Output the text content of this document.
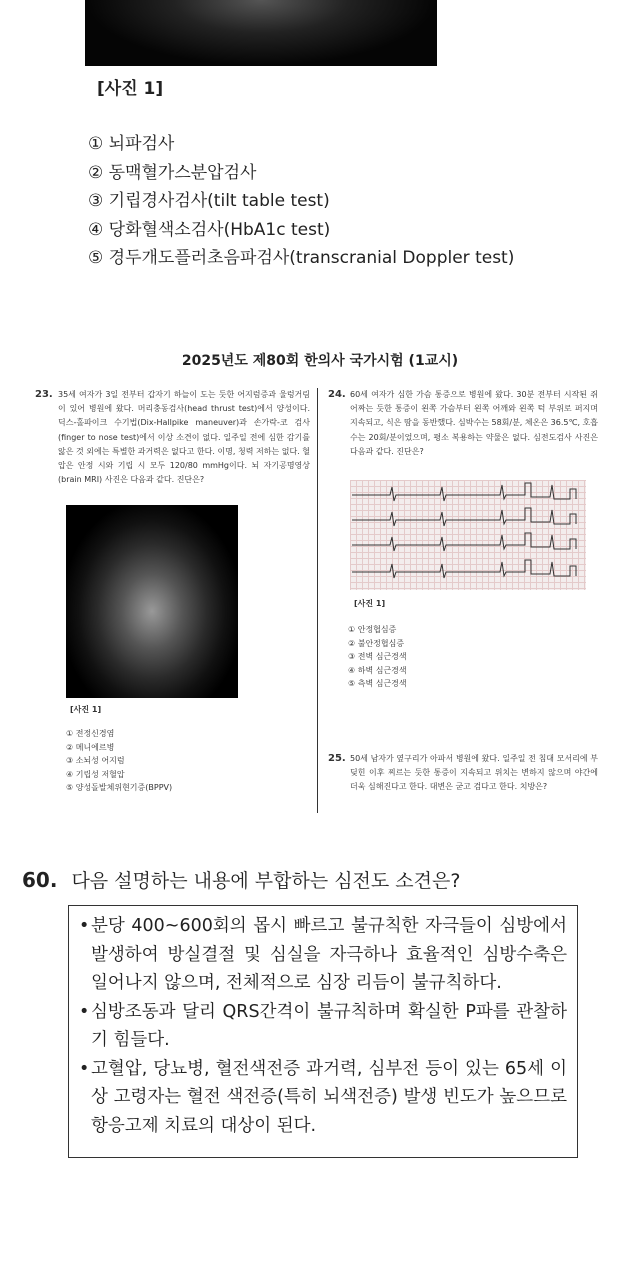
[사진 1]
① 뇌파검사
② 동맥혈가스분압검사
③ 기립경사검사(tilt table test)
④ 당화혈색소검사(HbA1c test)
⑤ 경두개도플러초음파검사(transcranial Doppler test)
2025년도 제80회 한의사 국가시험 (1교시)
23. 35세 여자가 3일 전부터 갑자기 하늘이 도는 듯한 어지럼증과 울렁거림이 있어 병원에 왔다. 머리충동검사(head thrust test)에서 양성이다. 딕스-홀파이크 수기법(Dix-Hallpike maneuver)과 손가락-코 검사(finger to nose test)에서 이상 소견이 없다. 일주일 전에 심한 감기를 앓은 것 외에는 특별한 과거력은 없다고 한다. 이명, 청력 저하는 없다. 혈압은 안정 시와 기립 시 모두 120/80 mmHg이다. 뇌 자기공명영상(brain MRI) 사진은 다음과 같다. 진단은?
[사진 1]
① 전정신경염
② 메니에르병
③ 소뇌성 어지럼
④ 기립성 저혈압
⑤ 양성돌발체위현기증(BPPV)
24. 60세 여자가 심한 가슴 통증으로 병원에 왔다. 30분 전부터 시작된 쥐어짜는 듯한 통증이 왼쪽 가슴부터 왼쪽 어깨와 왼쪽 턱 부위로 퍼지며 지속되고, 식은 땀을 동반했다. 심박수는 58회/분, 체온은 36.5℃, 호흡수는 20회/분이었으며, 평소 복용하는 약물은 없다. 심전도검사 사진은 다음과 같다. 진단은?
[사진 1]
① 안정협심증
② 불안정협심증
③ 전벽 심근경색
④ 하벽 심근경색
⑤ 측벽 심근경색
25. 50세 남자가 옆구리가 아파서 병원에 왔다. 일주일 전 침대 모서리에 부딪힌 이후 찌르는 듯한 통증이 지속되고 위치는 변하지 않으며 야간에 더욱 심해진다고 한다. 대변은 굳고 검다고 한다. 치방은?
60. 다음 설명하는 내용에 부합하는 심전도 소견은?
• 분당 400~600회의 몹시 빠르고 불규칙한 자극들이 심방에서 발생하여 방실결절 및 심실을 자극하나 효율적인 심방수축은 일어나지 않으며, 전체적으로 심장 리듬이 불규칙하다.
• 심방조동과 달리 QRS간격이 불규칙하며 확실한 P파를 관찰하기 힘들다.
• 고혈압, 당뇨병, 혈전색전증 과거력, 심부전 등이 있는 65세 이상 고령자는 혈전 색전증(특히 뇌색전증) 발생 빈도가 높으므로 항응고제 치료의 대상이 된다.
